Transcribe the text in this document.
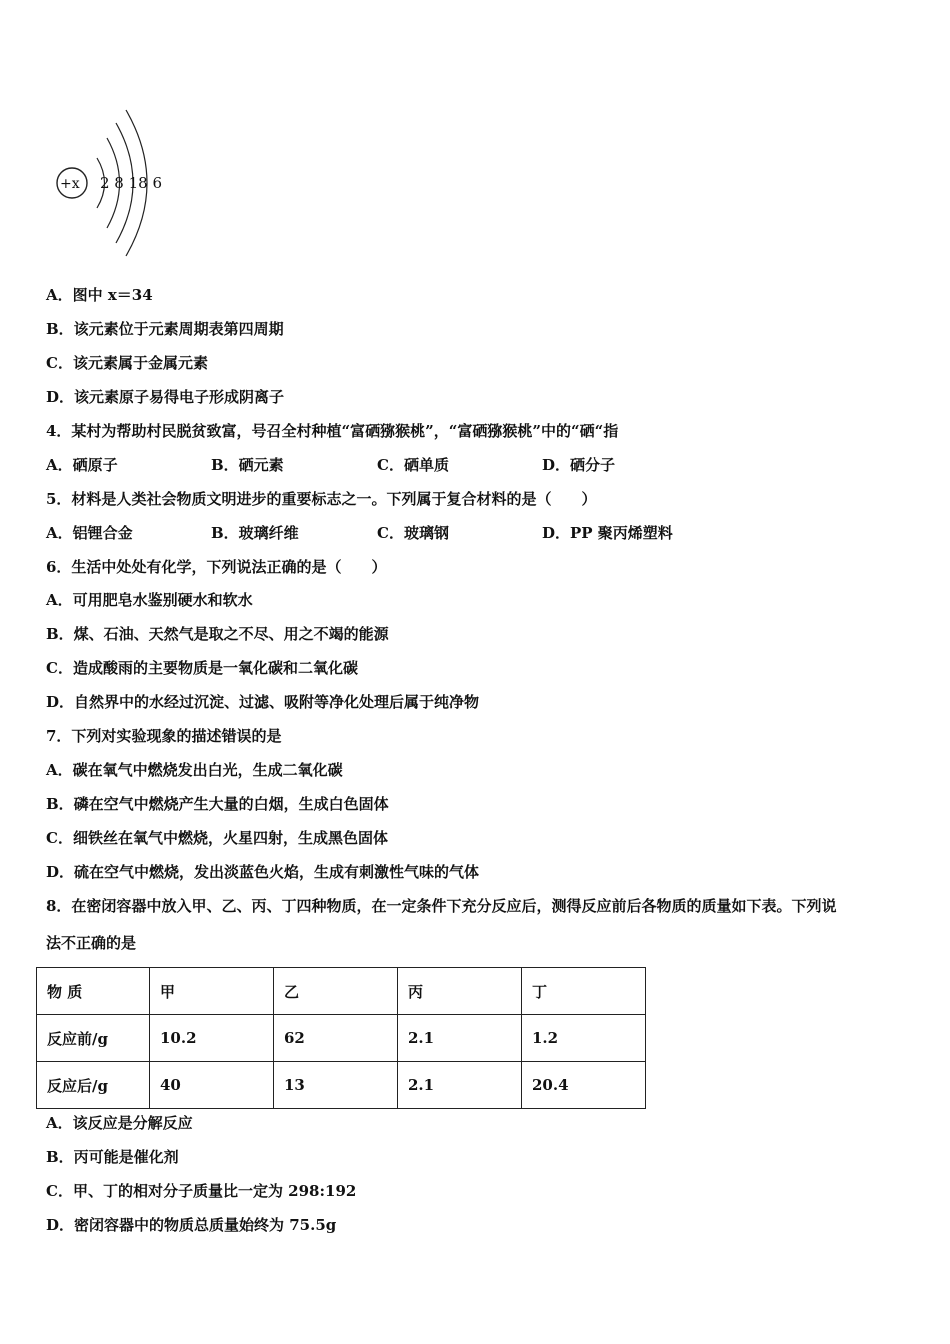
+x 2 8 18 6
A．图中 x＝34
B．该元素位于元素周期表第四周期
C．该元素属于金属元素
D．该元素原子易得电子形成阴离子
4．某村为帮助村民脱贫致富，号召全村种植“富硒猕猴桃”，“富硒猕猴桃”中的“硒“指
A．硒原子	B．硒元素	C．硒单质	D．硒分子
5．材料是人类社会物质文明进步的重要标志之一。下列属于复合材料的是（　　）
A．铝锂合金	B．玻璃纤维	C．玻璃钢	D．PP 聚丙烯塑料
6．生活中处处有化学，下列说法正确的是（　　）
A．可用肥皂水鉴别硬水和软水
B．煤、石油、天然气是取之不尽、用之不竭的能源
C．造成酸雨的主要物质是一氧化碳和二氧化碳
D．自然界中的水经过沉淀、过滤、吸附等净化处理后属于纯净物
7．下列对实验现象的描述错误的是
A．碳在氧气中燃烧发出白光，生成二氧化碳
B．磷在空气中燃烧产生大量的白烟，生成白色固体
C．细铁丝在氧气中燃烧，火星四射，生成黑色固体
D．硫在空气中燃烧，发出淡蓝色火焰，生成有刺激性气味的气体
8．在密闭容器中放入甲、乙、丙、丁四种物质，在一定条件下充分反应后，测得反应前后各物质的质量如下表。下列说
法不正确的是
物 质	甲	乙	丙	丁
反应前/g	10.2	62	2.1	1.2
反应后/g	40	13	2.1	20.4
A．该反应是分解反应
B．丙可能是催化剂
C．甲、丁的相对分子质量比一定为 298:192
D．密闭容器中的物质总质量始终为 75.5g
